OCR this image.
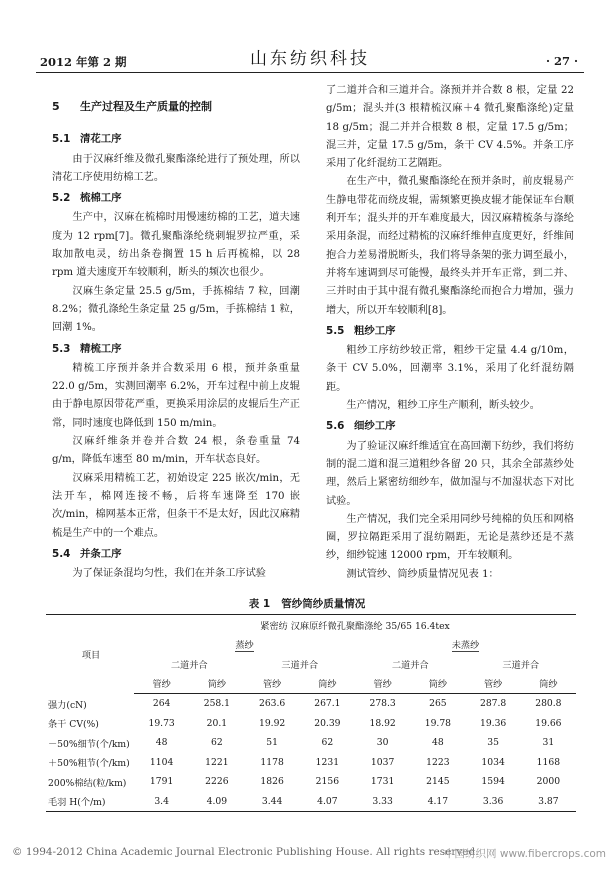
2012 年第 2 期	山东纺织科技	· 27 ·
5 生产过程及生产质量的控制
5.1 清花工序

由于汉麻纤维及微孔聚酯涤纶进行了预处理，所以清花工序使用纺棉工艺。

5.2 梳棉工序

生产中，汉麻在梳棉时用慢速纺棉的工艺，道夫速度为 12 rpm[7]。微孔聚酯涤纶绕刺辊罗拉严重，采取加散电灵，纺出条卷搁置 15 h 后再梳棉，以 28 rpm 道夫速度开车较顺利，断头的频次也很少。

汉麻生条定量 25.5 g/5m，手拣棉结 7 粒，回潮 8.2%；微孔涤纶生条定量 25 g/5m，手拣棉结 1 粒，回潮 1%。

5.3 精梳工序

精梳工序预并条并合数采用 6 根，预并条重量 22.0 g/5m，实测回潮率 6.2%，开车过程中前上皮辊由于静电原因带花严重，更换采用涂层的皮辊后生产正常，同时速度也降低到 150 m/min。

汉麻纤维条并卷并合数 24 根，条卷重量 74 g/m，降低车速至 80 m/min，开车状态良好。

汉麻采用精梳工艺，初始设定 225 嵌次/min，无法开车，棉网连接不畅，后将车速降至 170 嵌次/min，棉网基本正常，但条干不是太好，因此汉麻精梳是生产中的一个难点。

5.4 并条工序

为了保证条混均匀性，我们在并条工序试验

了二道并合和三道并合。涤预并并合数 8 根，定量 22 g/5m；混头并(3 根精梳汉麻＋4 微孔聚酯涤纶)定量 18 g/5m；混二并并合根数 8 根，定量 17.5 g/5m；混三并，定量 17.5 g/5m，条干 CV 4.5%。并条工序采用了化纤混纺工艺隔距。

在生产中，微孔聚酯涤纶在预并条时，前皮辊易产生静电带花而绕皮辊，需频繁更换皮辊才能保证车台顺利开车；混头并的开车难度最大，因汉麻精梳条与涤纶采用条混，而经过精梳的汉麻纤维伸直度更好，纤维间抱合力差易滑脱断头，我们将导条架的张力调至最小，并将车速调到尽可能慢，最终头并开车正常，到二并、三并时由于其中混有微孔聚酯涤纶而抱合力增加，强力增大，所以开车较顺利[8]。

5.5 粗纱工序

粗纱工序纺纱较正常，粗纱干定量 4.4 g/10m，条干 CV 5.0%，回潮率 3.1%，采用了化纤混纺隔距。

生产情况，粗纱工序生产顺利，断头较少。

5.6 细纱工序

为了验证汉麻纤维适宜在高回潮下纺纱，我们将纺制的混二道和混三道粗纱各留 20 只，其余全部蒸纱处理，然后上紧密纺细纱车，做加湿与不加湿状态下对比试验。

生产情况，我们完全采用同纱号纯棉的负压和网格圈，罗拉隔距采用了混纺隔距，无论是蒸纱还是不蒸纱，细纱锭速 12000 rpm，开车较顺利。

测试管纱、筒纱质量情况见表 1：

表 1 管纱筒纱质量情况
项目	紧密纺 汉麻原纤微孔聚酯涤纶 35/65 16.4tex							
	蒸纱				未蒸纱			
	二道并合		三道并合		二道并合		三道并合	
	管纱	筒纱	管纱	筒纱	管纱	筒纱	管纱	筒纱
强力(cN)	264	258.1	263.6	267.1	278.3	265	287.8	280.8
条干 CV(%)	19.73	20.1	19.92	20.39	18.92	19.78	19.36	19.66
－50%细节(个/km)	48	62	51	62	30	48	35	31
＋50%粗节(个/km)	1104	1221	1178	1231	1037	1223	1034	1168
200%棉结(粒/km)	1791	2226	1826	2156	1731	2145	1594	2000
毛羽 H(个/m)	3.4	4.09	3.44	4.07	3.33	4.17	3.36	3.87
© 1994-2012 China Academic Journal Electronic Publishing House. All rights reserved.
中国纺织网 www.fibercrops.com
